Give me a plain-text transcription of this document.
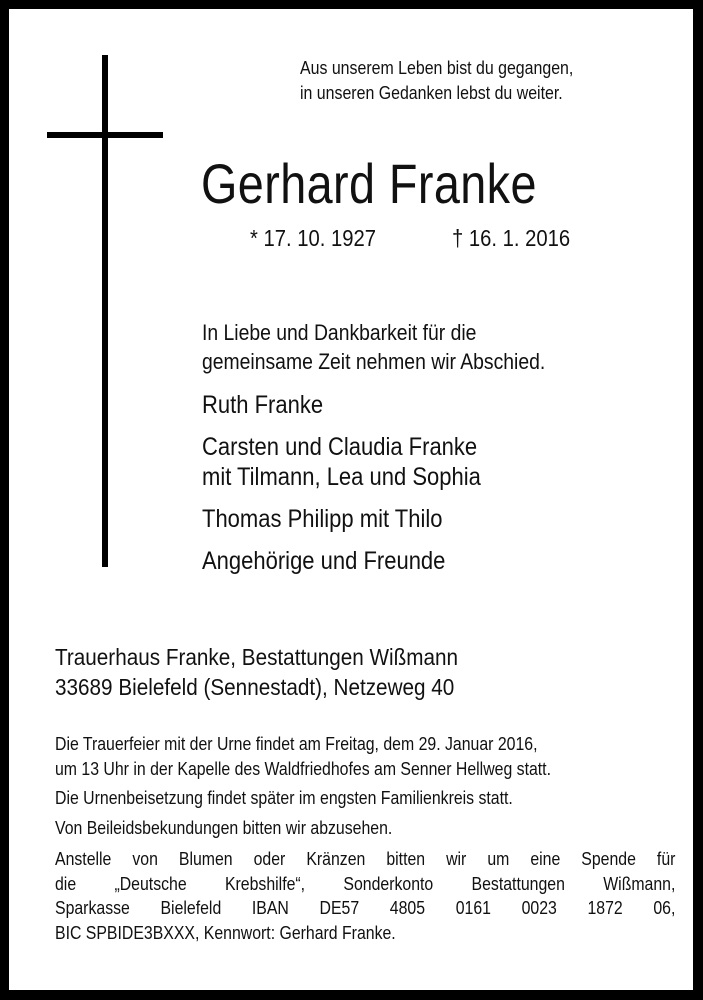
Aus unserem Leben bist du gegangen,
in unseren Gedanken lebst du weiter.
Gerhard Franke
* 17. 10. 1927	† 16. 1. 2016
In Liebe und Dankbarkeit für die
gemeinsame Zeit nehmen wir Abschied.
Ruth Franke
Carsten und Claudia Franke
mit Tilmann, Lea und Sophia
Thomas Philipp mit Thilo
Angehörige und Freunde
Trauerhaus Franke, Bestattungen Wißmann
33689 Bielefeld (Sennestadt), Netzeweg 40
Die Trauerfeier mit der Urne findet am Freitag, dem 29. Januar 2016,
um 13 Uhr in der Kapelle des Waldfriedhofes am Senner Hellweg statt.
Die Urnenbeisetzung findet später im engsten Familienkreis statt.
Von Beileidsbekundungen bitten wir abzusehen.
Anstelle von Blumen oder Kränzen bitten wir um eine Spende für
die „Deutsche Krebshilfe“, Sonderkonto Bestattungen Wißmann,
Sparkasse Bielefeld IBAN DE57 4805 0161 0023 1872 06,
BIC SPBIDE3BXXX, Kennwort: Gerhard Franke.
